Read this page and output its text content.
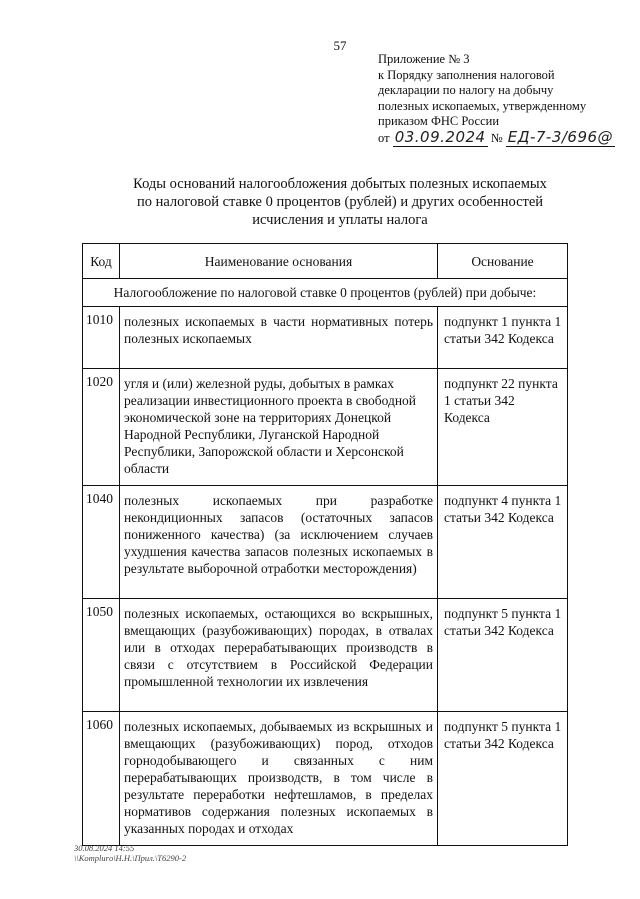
57
Приложение № 3
к Порядку заполнения налоговой
декларации по налогу на добычу
полезных ископаемых, утвержденному
приказом ФНС России
от 03.09.2024 № ЕД-7-3/696@
Коды оснований налогообложения добытых полезных ископаемых
по налоговой ставке 0 процентов (рублей) и других особенностей
исчисления и уплаты налога
Код	Наименование основания	Основание
Налогообложение по налоговой ставке 0 процентов (рублей) при добыче:		
1010	полезных ископаемых в части нормативных потерь полезных ископаемых	подпункт 1 пункта 1 статьи 342 Кодекса
1020	угля и (или) железной руды, добытых в рамках реализации инвестиционного проекта в свободной экономической зоне на территориях Донецкой Народной Республики, Луганской Народной Республики, Запорожской области и Херсонской области	подпункт 22 пункта 1 статьи 342 Кодекса
1040	полезных ископаемых при разработке некондиционных запасов (остаточных запасов пониженного качества) (за исключением случаев ухудшения качества запасов полезных ископаемых в результате выборочной отработки месторождения)	подпункт 4 пункта 1 статьи 342 Кодекса
1050	полезных ископаемых, остающихся во вскрышных, вмещающих (разубоживающих) породах, в отвалах или в отходах перерабатывающих производств в связи с отсутствием в Российской Федерации промышленной технологии их извлечения	подпункт 5 пункта 1 статьи 342 Кодекса
1060	полезных ископаемых, добываемых из вскрышных и вмещающих (разубоживающих) пород, отходов горнодобывающего и связанных с ним перерабатывающих производств, в том числе в результате переработки нефтешламов, в пределах нормативов содержания полезных ископаемых в указанных породах и отходах	подпункт 5 пункта 1 статьи 342 Кодекса
30.08.2024 14:55
\\Komplurо\Н.Н.\Прил.\Т6290-2
